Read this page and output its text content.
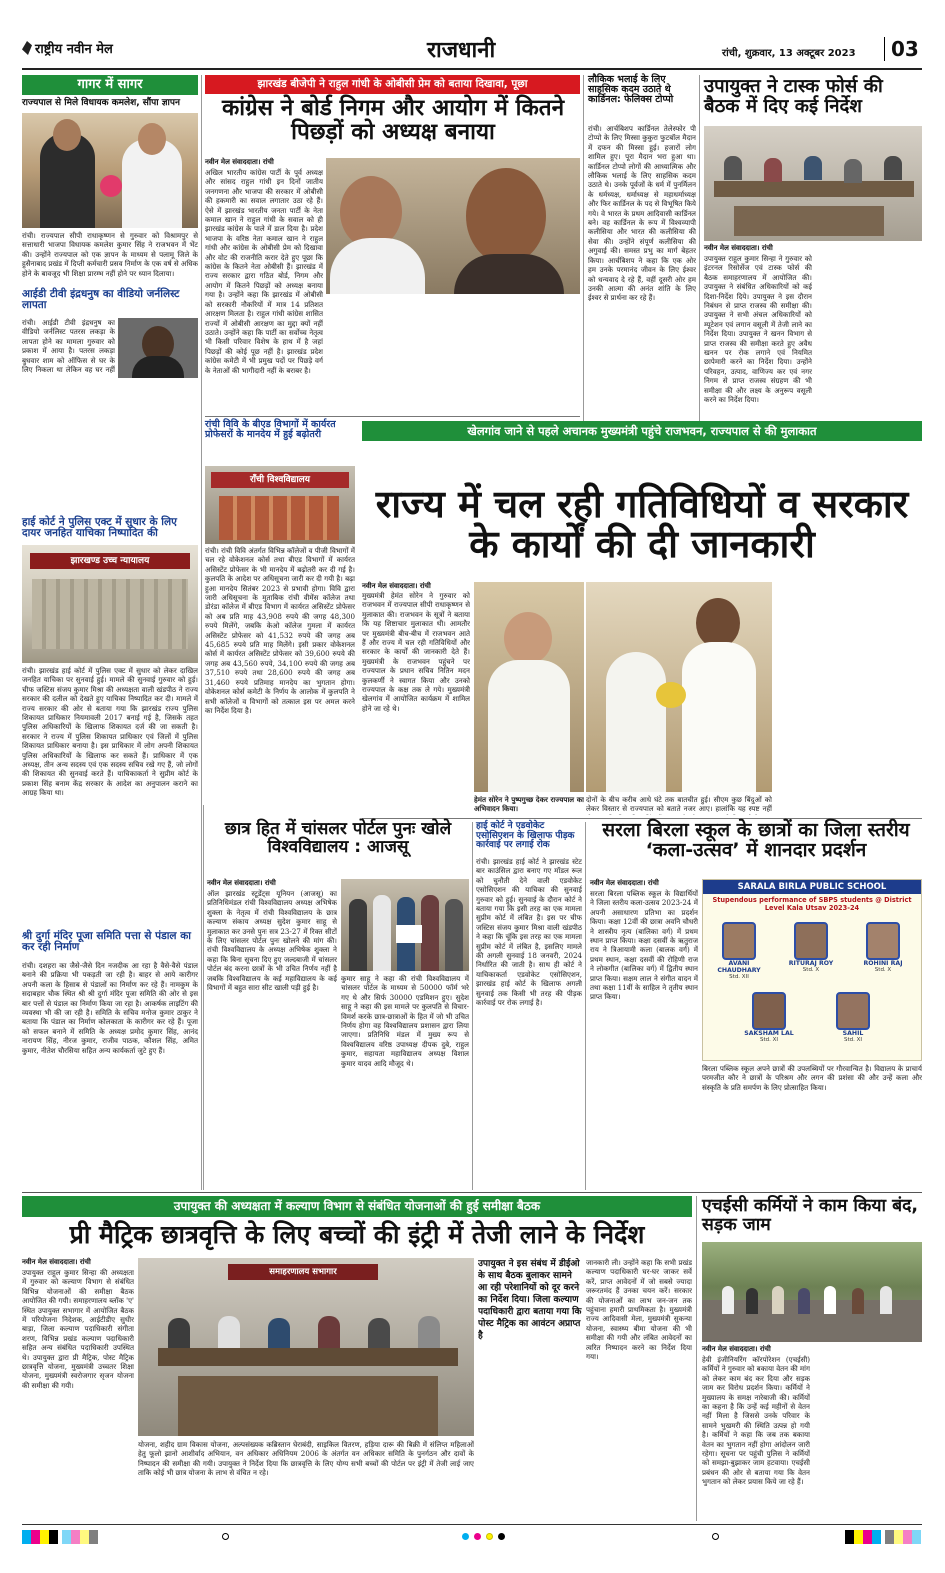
राष्ट्रीय नवीन मेल	राजधानी	रांची, शुक्रवार, 13 अक्टूबर 2023	03
गागर में सागर
राज्यपाल से मिले विधायक कमलेश, सौंपा ज्ञापन
रांची। राज्यपाल सीपी राधाकृष्णन से गुरुवार को विश्रामपुर से सत्ताधारी भाजपा विधायक कमलेश कुमार सिंह ने राजभवन में भेंट की। उन्होंने राज्यपाल को एक ज्ञापन के माध्यम से पलामू जिले के हुसैनाबाद प्रखंड में दिप्ती कर्मचारी प्रसव निर्माण के एक वर्ष से अधिक होने के बावजूद भी शिक्षा प्रारम्भ नहीं होने पर ध्यान दिलाया।
आईडी टीवी इंद्रधनुष का वीडियो जर्नलिस्ट लापता
रांची। आईडी टीवी इंद्रधनुष का वीडियो जर्नलिस्ट पतरस लकड़ा के लापता होने का मामला गुरुवार को प्रकाश में आया है। पतरस लकड़ा बुधवार शाम को ऑफिस से घर के लिए निकला था लेकिन वह घर नहीं
हाई कोर्ट ने पुलिस एक्ट में सुधार के लिए दायर जनहित याचिका निष्पादित की
झारखण्ड उच्च न्यायालय
रांची। झारखंड हाई कोर्ट में पुलिस एक्ट में सुधार को लेकर दाखिल जनहित याचिका पर सुनवाई हुई। मामले की सुनवाई गुरुवार को हुई। चीफ जस्टिस संजय कुमार मिश्रा की अध्यक्षता वाली खंडपीठ ने राज्य सरकार की दलील को देखते हुए याचिका निष्पादित कर दी। मामले में राज्य सरकार की ओर से बताया गया कि झारखंड राज्य पुलिस शिकायत प्राधिकार नियमावली 2017 बनाई गई है, जिसके तहत पुलिस अधिकारियों के खिलाफ शिकायत दर्ज की जा सकती है। सरकार ने राज्य में पुलिस शिकायत प्राधिकार एवं जिलों में पुलिस शिकायत प्राधिकार बनाया है। इस प्राधिकार में लोग अपनी शिकायत पुलिस अधिकारियों के खिलाफ कर सकते हैं। प्राधिकार में एक अध्यक्ष, तीन अन्य सदस्य एवं एक सदस्य सचिव रखे गए हैं, जो लोगों की शिकायत की सुनवाई करते हैं। याचिकाकर्ता ने सुप्रीम कोर्ट के प्रकाश सिंह बनाम केंद्र सरकार के आदेश का अनुपालन कराने का आग्रह किया था।
श्री दुर्गा मंदिर पूजा समिति पत्ता से पंडाल का कर रही निर्माण
रांची। दशहरा का जैसे-जैसे दिन नजदीक आ रहा है वैसे-वैसे पंडाल बनाने की प्रक्रिया भी पकड़ती जा रही है। बाहर से आये कारीगर अपनी कला के हिसाब से पंडालों का निर्माण कर रहे हैं। नामकुम के सदाबहार चौक स्थित श्री श्री दुर्गा मंदिर पूजा समिति की ओर से इस बार पत्तों से पंडाल का निर्माण किया जा रहा है। आकर्षक लाइटिंग की व्यवस्था भी की जा रही है। समिति के सचिव मनोज कुमार ठाकुर ने बताया कि पंडाल का निर्माण कोलकाता के कारीगर कर रहे हैं। पूजा को सफल बनाने में समिति के अध्यक्ष प्रमोद कुमार सिंह, आनंद नारायण सिंह, नीरज कुमार, राजीव पाठक, कौशल सिंह, अमित कुमार, नीतेश चौरसिया सहित अन्य कार्यकर्ता जुटे हुए हैं।
झारखंड बीजेपी ने राहुल गांधी के ओबीसी प्रेम को बताया दिखावा, पूछा
कांग्रेस ने बोर्ड निगम और आयोग में कितने पिछड़ों को अध्यक्ष बनाया
नवीन मेल संवाददाता। रांची
अखिल भारतीय कांग्रेस पार्टी के पूर्व अध्यक्ष और सांसद राहुल गांधी इन दिनों जातीय जनगणना और भाजपा की सरकार में ओबीसी की हकमारी का सवाल लगातार उठा रहे हैं। ऐसे में झारखंड भारतीय जनता पार्टी के नेता कमाल खान ने राहुल गांधी के सवाल को ही झारखंड कांग्रेस के पाले में डाल दिया है। प्रदेश भाजपा के वरिष्ठ नेता कमाल खान ने राहुल गांधी और कांग्रेस के ओबीसी प्रेम को दिखावा और वोट की राजनीति करार देते हुए पूछा कि कांग्रेस के कितने नेता ओबीसी हैं। झारखंड में राज्य सरकार द्वारा गठित बोर्ड, निगम और आयोग में कितने पिछड़ों को अध्यक्ष बनाया गया है। उन्होंने कहा कि झारखंड में ओबीसी को सरकारी नौकरियों में मात्र 14 प्रतिशत आरक्षण मिलता है। राहुल गांधी कांग्रेस शासित राज्यों में ओबीसी आरक्षण का मुद्दा क्यों नहीं उठाते। उन्होंने कहा कि पार्टी का सर्वोच्च नेतृत्व भी किसी परिवार विशेष के हाथ में है जहां पिछड़ों की कोई पूछ नहीं है। झारखंड प्रदेश कांग्रेस कमेटी में भी प्रमुख पदों पर पिछड़े वर्ग के नेताओं की भागीदारी नहीं के बराबर है।
लौकिक भलाई के लिए साहसिक कदम उठाते थे कार्डिनल: फेलिक्स टोप्पो
रांची। आर्चबिशप कार्डिनल तेलेस्फोर पी टोप्पो के लिए मिस्सा कुकुरा फुटबॉल मैदान में दफन की मिस्सा हुई। हजारों लोग शामिल हुए। पूरा मैदान भरा हुआ था। कार्डिनल टोप्पो लोगों की आध्यात्मिक और लौकिक भलाई के लिए साहसिक कदम उठाते थे। उनके पूर्वजों के धर्म में पुनर्मिलन के धर्मध्यक्ष, धर्माध्यक्ष से महाधर्माध्यक्ष और फिर कार्डिनल के पद से विभूषित किये गये। वे भारत के प्रथम आदिवासी कार्डिनल बने। वह कार्डिनल के रूप में विश्वव्यापी कलीसिया और भारत की कलीसिया की सेवा की। उन्होंने संपूर्ण कलीसिया की अगुवाई की। समस्त प्रभु का मार्ग बेहतर किया। आर्चबिशप ने कहा कि एक ओर हम उनके परमानंद जीवन के लिए ईश्वर को धन्यवाद दे रहे हैं, वहीं दूसरी ओर हम उनकी आत्मा की अनंत शांति के लिए ईश्वर से प्रार्थना कर रहे हैं।
उपायुक्त ने टास्क फोर्स की बैठक में दिए कई निर्देश
नवीन मेल संवाददाता। रांची
उपायुक्त राहुल कुमार सिन्हा ने गुरुवार को इंटरनल रिसोर्सेज एवं टास्क फोर्स की बैठक समाहरणालय में आयोजित की। उपायुक्त ने संबंधित अधिकारियों को कई दिशा-निर्देश दिये। उपायुक्त ने इस दौरान निबंधन से प्राप्त राजस्व की समीक्षा की। उपायुक्त ने सभी अंचल अधिकारियों को म्यूटेशन एवं लगान वसूली में तेजी लाने का निर्देश दिया। उपायुक्त ने खनन विभाग से प्राप्त राजस्व की समीक्षा करते हुए अवैध खनन पर रोक लगाने एवं नियमित छापेमारी करने का निर्देश दिया। उन्होंने परिवहन, उत्पाद, वाणिज्य कर एवं नगर निगम से प्राप्त राजस्व संग्रहण की भी समीक्षा की और लक्ष्य के अनुरूप वसूली करने का निर्देश दिया।
रांची विवि के बीएड विभागों में कार्यरत प्रोफेसरों के मानदेय में हुई बढ़ोतरी
राँची विश्वविद्यालय
रांची। रांची विवि अंतर्गत विभिन्न कॉलेजों व पीजी विभागों में चल रहे वोकेशनल कोर्स तथा बीएड विभागों में कार्यरत असिस्टेंट प्रोफेसर के भी मानदेय में बढ़ोतरी कर दी गई है। कुलपति के आदेश पर अधिसूचना जारी कर दी गयी है। बढ़ा हुआ मानदेय सितंबर 2023 से प्रभावी होगा। विवि द्वारा जारी अधिसूचना के मुताबिक रांची वीमेंस कॉलेज तथा डोरंडा कॉलेज में बीएड विभाग में कार्यरत असिस्टेंट प्रोफेसर को अब प्रति माह 43,908 रुपये की जगह 48,300 रुपये मिलेंगे, जबकि केओ कॉलेज गुमला में कार्यरत असिस्टेंट प्रोफेसर को 41,532 रुपये की जगह अब 45,685 रुपये प्रति माह मिलेंगे। इसी प्रकार वोकेशनल कोर्स में कार्यरत असिस्टेंट प्रोफेसर को 39,600 रुपये की जगह अब 43,560 रुपये, 34,100 रुपये की जगह अब 37,510 रुपये तथा 28,600 रुपये की जगह अब 31,460 रुपये प्रतिमाह मानदेय का भुगतान होगा। वोकेशनल कोर्स कमेटी के निर्णय के आलोक में कुलपति ने सभी कॉलेजों व विभागों को तत्काल इस पर अमल करने का निर्देश दिया है।
खेलगांव जाने से पहले अचानक मुख्यमंत्री पहुंचे राजभवन, राज्यपाल से की मुलाकात
राज्य में चल रही गतिविधियों व सरकार के कार्यों की दी जानकारी
नवीन मेल संवाददाता। रांची
मुख्यमंत्री हेमंत सोरेन ने गुरुवार को राजभवन में राज्यपाल सीपी राधाकृष्णन से मुलाकात की। राजभवन के सूत्रों ने बताया कि यह शिष्टाचार मुलाकात थी। आमतौर पर मुख्यमंत्री बीच-बीच में राजभवन आते हैं और राज्य में चल रही गतिविधियों और सरकार के कार्यों की जानकारी देते हैं। मुख्यमंत्री के राजभवन पहुंचने पर राज्यपाल के प्रधान सचिव नितिन मदन कुलकर्णी ने स्वागत किया और उनको राज्यपाल के कक्ष तक ले गये। मुख्यमंत्री खेलगांव में आयोजित कार्यक्रम में शामिल होने जा रहे थे।
हेमंत सोरेन ने पुष्पगुच्छ देकर राज्यपाल का अभिवादन किया।
दोनों के बीच करीब आधे घंटे तक बातचीत हुई। सीएम कुछ बिंदुओं को लेकर विस्तार से राज्यपाल को बताते नजर आए। हालांकि यह स्पष्ट नहीं
छात्र हित में चांसलर पोर्टल पुनः खोले विश्वविद्यालय : आजसू
नवीन मेल संवाददाता। रांची
ऑल झारखंड स्टूडेंट्स यूनियन (आजसू) का प्रतिनिधिमंडल रांची विश्वविद्यालय अध्यक्ष अभिषेक शुक्ला के नेतृत्व में रांची विश्वविद्यालय के छात्र कल्याण संकाय अध्यक्ष सुदेश कुमार साहू से मुलाकात कर उनसे पुनः सत्र 23-27 में रिक्त सीटों के लिए चांसलर पोर्टल पुनः खोलने की मांग की। रांची विश्वविद्यालय के अध्यक्ष अभिषेक शुक्ला ने कहा कि बिना सूचना दिए हुए जल्दबाजी में चांसलर पोर्टल बंद करना छात्रों के भी उचित निर्णय नहीं है जबकि विश्वविद्यालय के कई महाविद्यालय के कई विभागों में बहुत सारा सीट खाली पड़ी हुई है।
कुमार साहू ने कहा की रांची विश्वविद्यालय में चांसलर पोर्टल के माध्यम से 50000 फॉर्म भरे गए थे और सिर्फ 30000 एडमिशन हुए। सुदेश साहू ने कहा की इस मामले पर कुलपति से विचार-विमर्श करके छात्र-छात्राओं के हित में जो भी उचित निर्णय होगा वह विश्वविद्यालय प्रशासन द्वारा लिया जाएगा। प्रतिनिधि मंडल में मुख्य रूप से विश्वविद्यालय वरिष्ठ उपाध्यक्ष दीपक दुबे, राहुल कुमार, सहायता महाविद्यालय अध्यक्ष विशाल कुमार यादव आदि मौजूद थे।
हाई कोर्ट ने एडवोकेट एसोसिएशन के खिलाफ पीड़क कार्रवाई पर लगाई रोक
रांची। झारखंड हाई कोर्ट ने झारखंड स्टेट बार काउंसिल द्वारा बनाए गए मॉडल रूल को चुनौती देने वाली एडवोकेट एसोसिएशन की याचिका की सुनवाई गुरुवार को हुई। सुनवाई के दौरान कोर्ट ने बताया गया कि इसी तरह का एक मामला सुप्रीम कोर्ट में लंबित है। इस पर चीफ जस्टिस संजय कुमार मिश्रा वाली खंडपीठ ने कहा कि चूंकि इस तरह का एक मामला सुप्रीम कोर्ट में लंबित है, इसलिए मामले की अगली सुनवाई 18 जनवरी, 2024 निर्धारित की जाती है। साथ ही कोर्ट ने याचिकाकर्ता एडवोकेट एसोसिएशन, झारखंड हाई कोर्ट के खिलाफ अगली सुनवाई तक किसी भी तरह की पीड़क कार्रवाई पर रोक लगाई है।
सरला बिरला स्कूल के छात्रों का जिला स्तरीय ‘कला-उत्सव’ में शानदार प्रदर्शन
नवीन मेल संवाददाता। रांची
सरला बिरला पब्लिक स्कूल के विद्यार्थियों ने जिला स्तरीय कला-उत्सव 2023-24 में अपनी असाधारण प्रतिभा का प्रदर्शन किया। कक्षा 12वीं की छात्रा अवनि चौधरी ने शास्त्रीय नृत्य (बालिका वर्ग) में प्रथम स्थान प्राप्त किया। कक्षा दसवीं के ऋतुराज राय ने त्रिआयामी कला (बालक वर्ग) में प्रथम स्थान, कक्षा दसवीं की रोहिणी राज ने लोकगीत (बालिका वर्ग) में द्वितीय स्थान प्राप्त किया। सक्षम लाल ने संगीत वादन में तथा कक्षा 11वीं के साहिल ने तृतीय स्थान प्राप्त किया।
SARALA BIRLA PUBLIC SCHOOL
Stupendous performance of SBPS students @ District Level Kala Utsav 2023-24
AVANI CHAUDHARY
Std. XII
RITURAJ ROY
Std. X
ROHINI RAJ
Std. X
SAKSHAM LAL
Std. XI
SAHIL
Std. XI
बिरला पब्लिक स्कूल अपने छात्रों की उपलब्धियों पर गौरवान्वित है। विद्यालय के प्राचार्य परमजीत कौर ने छात्रों के परिश्रम और लगन की प्रशंसा की और उन्हें कला और संस्कृति के प्रति समर्पण के लिए प्रोत्साहित किया।
उपायुक्त की अध्यक्षता में कल्याण विभाग से संबंधित योजनाओं की हुई समीक्षा बैठक
प्री मैट्रिक छात्रवृत्ति के लिए बच्चों की इंट्री में तेजी लाने के निर्देश
नवीन मेल संवाददाता। रांची
उपायुक्त राहुल कुमार सिन्हा की अध्यक्षता में गुरुवार को कल्याण विभाग से संबंधित विभिन्न योजनाओं की समीक्षा बैठक आयोजित की गयी। समाहरणालय ब्लॉक 'ए' स्थित उपायुक्त सभागार में आयोजित बैठक में परियोजना निदेशक, आईटीडीए सुधीर बाड़ा, जिला कल्याण पदाधिकारी संगीता शरण, विभिन्न प्रखंड कल्याण पदाधिकारी सहित अन्य संबंधित पदाधिकारी उपस्थित थे। उपायुक्त द्वारा प्री मैट्रिक, पोस्ट मैट्रिक छात्रवृत्ति योजना, मुख्यमंत्री उच्चतर शिक्षा योजना, मुख्यमंत्री स्वरोजगार सृजन योजना की समीक्षा की गयी।
समाहरणालय सभागार
योजना, शहीद ग्राम विकास योजना, अल्पसंख्यक कब्रिस्तान घेराबंदी, साइकिल वितरण, हड़िया दारू की बिक्री में संलिप्त महिलाओं हेतु फूलो झानो आशीर्वाद अभियान, वन अधिकार अधिनियम 2006 के अंतर्गत वन अधिकार समिति के पुनर्गठन और दावों के निष्पादन की समीक्षा की गयी। उपायुक्त ने निर्देश दिया कि छात्रवृत्ति के लिए योग्य सभी बच्चों की पोर्टल पर इंट्री में तेजी लाई जाए ताकि कोई भी छात्र योजना के लाभ से वंचित न रहे।
उपायुक्त ने इस संबंध में डीईओ के साथ बैठक बुलाकर सामने आ रही परेशानियों को दूर करने का निर्देश दिया। जिला कल्याण पदाधिकारी द्वारा बताया गया कि पोस्ट मैट्रिक का आवंटन अप्राप्त है
जानकारी ली। उन्होंने कहा कि सभी प्रखंड कल्याण पदाधिकारी घर-घर जाकर सर्वे करें, प्राप्त आवेदनों में जो सबसे ज्यादा जरूरतमंद हैं उनका चयन करें। सरकार की योजनाओं का लाभ जन-जन तक पहुंचाना हमारी प्राथमिकता है। मुख्यमंत्री राज्य आदिवासी मेला, मुख्यमंत्री सुकन्या योजना, स्वास्थ्य बीमा योजना की भी समीक्षा की गयी और लंबित आवेदनों का त्वरित निष्पादन करने का निर्देश दिया गया।
एचईसी कर्मियों ने काम किया बंद, सड़क जाम
नवीन मेल संवाददाता। रांची
हेवी इंजीनियरिंग कॉरपोरेशन (एचईसी) कर्मियों ने गुरुवार को बकाया वेतन की मांग को लेकर काम बंद कर दिया और सड़क जाम कर विरोध प्रदर्शन किया। कर्मियों ने मुख्यालय के समक्ष नारेबाजी की। कर्मियों का कहना है कि उन्हें कई महीनों से वेतन नहीं मिला है जिससे उनके परिवार के सामने भुखमरी की स्थिति उत्पन्न हो गयी है। कर्मियों ने कहा कि जब तक बकाया वेतन का भुगतान नहीं होगा आंदोलन जारी रहेगा। सूचना पर पहुंची पुलिस ने कर्मियों को समझा-बुझाकर जाम हटवाया। एचईसी प्रबंधन की ओर से बताया गया कि वेतन भुगतान को लेकर प्रयास किये जा रहे हैं।
